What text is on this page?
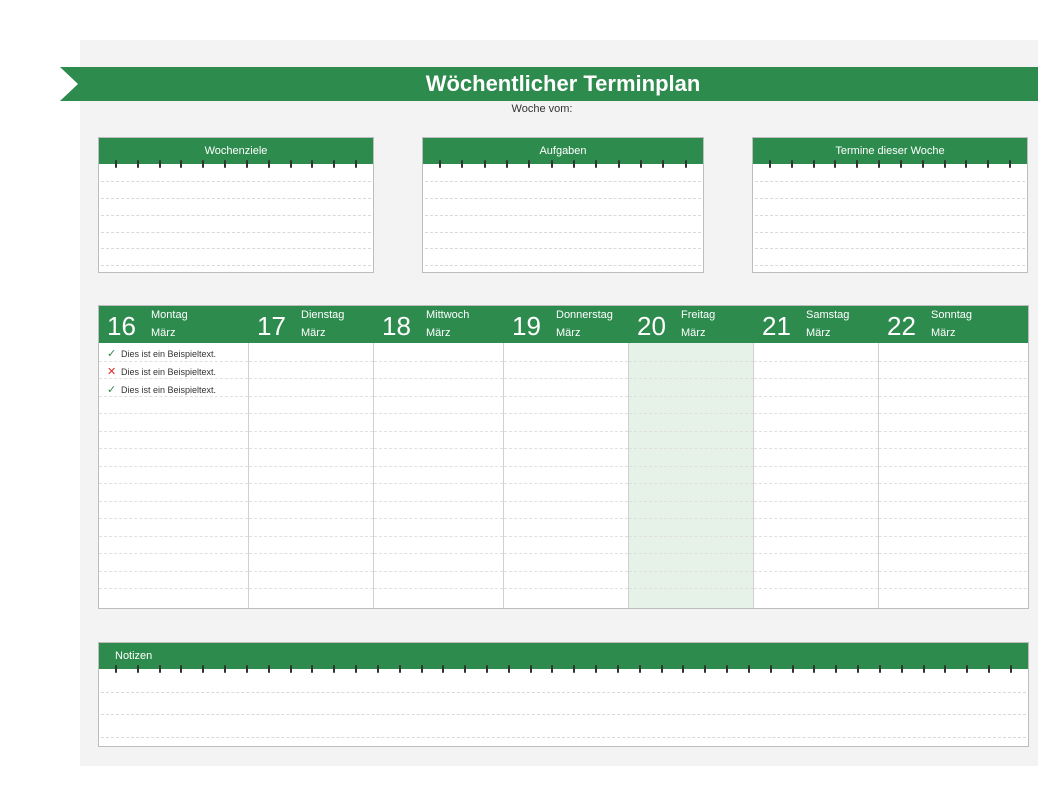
Wöchentlicher Terminplan
Woche vom:
Wochenziele	Aufgaben	Termine dieser Woche
16 Montag
März
✓ Dies ist ein Beispieltext.
✕ Dies ist ein Beispieltext.
✓ Dies ist ein Beispieltext.
17 Dienstag
März 18 Mittwoch
März 19 Donnerstag
März 20 Freitag
März 21 Samstag
März 22 Sonntag
März
Notizen
